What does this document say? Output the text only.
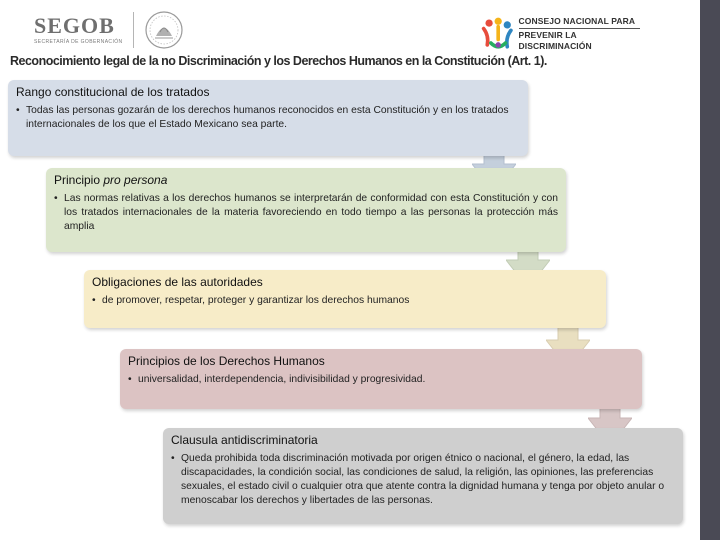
SEGOB
SECRETARÍA DE GOBERNACIÓN
CONSEJO NACIONAL PARA
PREVENIR LA DISCRIMINACIÓN
Reconocimiento legal de la no Discriminación y los Derechos Humanos en la Constitución (Art. 1).
Rango constitucional de los tratados
• Todas las personas gozarán de los derechos humanos reconocidos en esta Constitución y en los tratados internacionales de los que el Estado Mexicano sea parte.
Principio pro persona
• Las normas relativas a los derechos humanos se interpretarán de conformidad con esta Constitución y con los tratados internacionales de la materia favoreciendo en todo tiempo a las personas la protección más amplia
Obligaciones de las autoridades
• de promover, respetar, proteger y garantizar los derechos humanos
Principios de los Derechos Humanos
• universalidad, interdependencia, indivisibilidad y progresividad.
Clausula antidiscriminatoria
• Queda prohibida toda discriminación motivada por origen étnico o nacional, el género, la edad, las discapacidades, la condición social, las condiciones de salud, la religión, las opiniones, las preferencias sexuales, el estado civil o cualquier otra que atente contra la dignidad humana y tenga por objeto anular o menoscabar los derechos y libertades de las personas.
